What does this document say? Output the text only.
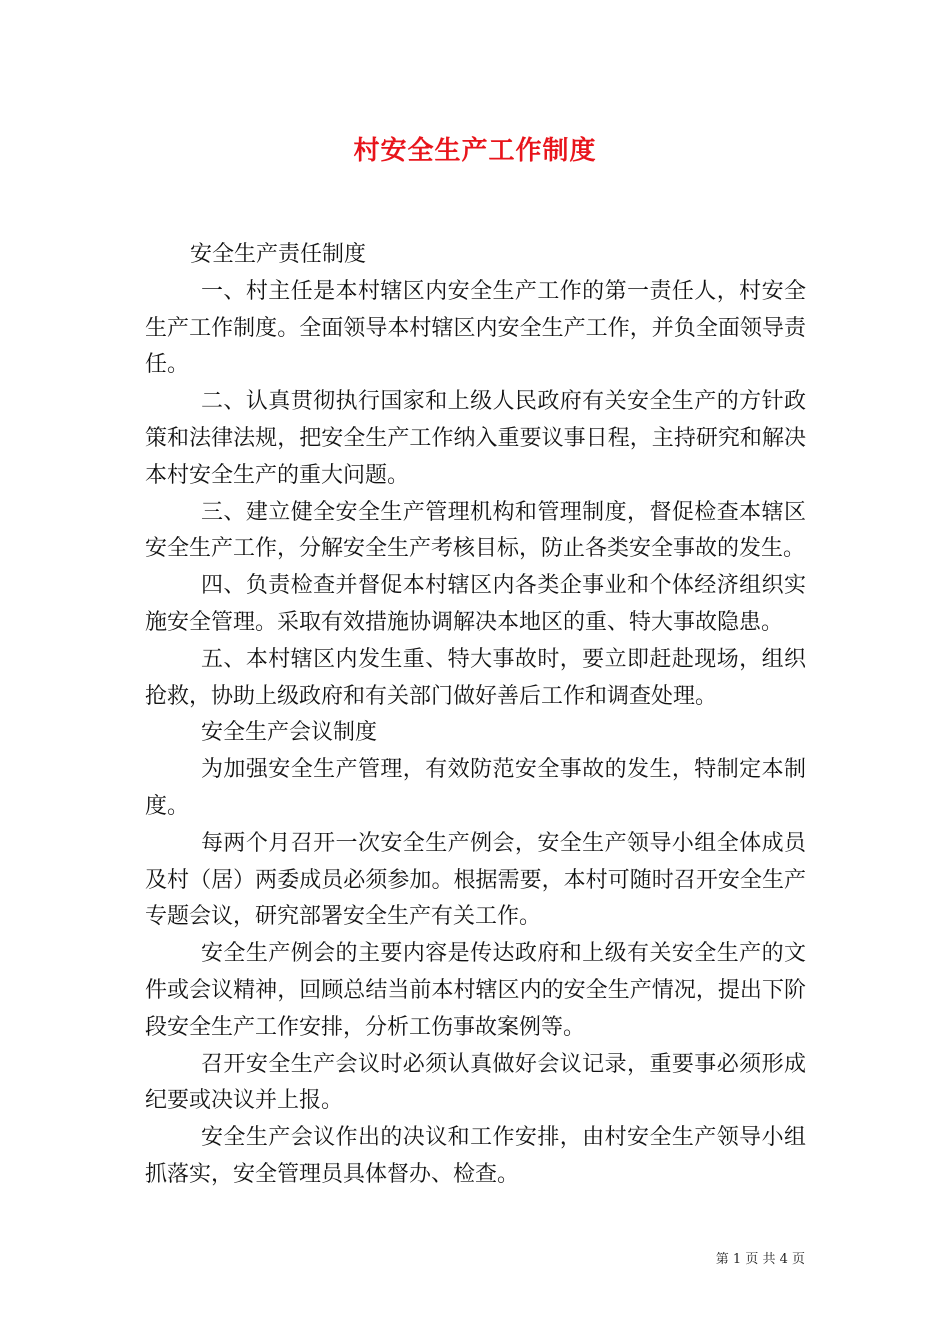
村安全生产工作制度

安全生产责任制度

一、村主任是本村辖区内安全生产工作的第一责任人，村安全生产工作制度。全面领导本村辖区内安全生产工作，并负全面领导责任。

二、认真贯彻执行国家和上级人民政府有关安全生产的方针政策和法律法规，把安全生产工作纳入重要议事日程，主持研究和解决本村安全生产的重大问题。

三、建立健全安全生产管理机构和管理制度，督促检查本辖区安全生产工作，分解安全生产考核目标，防止各类安全事故的发生。

四、负责检查并督促本村辖区内各类企事业和个体经济组织实施安全管理。采取有效措施协调解决本地区的重、特大事故隐患。

五、本村辖区内发生重、特大事故时，要立即赶赴现场，组织抢救，协助上级政府和有关部门做好善后工作和调查处理。

安全生产会议制度

为加强安全生产管理，有效防范安全事故的发生，特制定本制度。

每两个月召开一次安全生产例会，安全生产领导小组全体成员及村（居）两委成员必须参加。根据需要，本村可随时召开安全生产专题会议，研究部署安全生产有关工作。

安全生产例会的主要内容是传达政府和上级有关安全生产的文件或会议精神，回顾总结当前本村辖区内的安全生产情况，提出下阶段安全生产工作安排，分析工伤事故案例等。

召开安全生产会议时必须认真做好会议记录，重要事必须形成纪要或决议并上报。

安全生产会议作出的决议和工作安排，由村安全生产领导小组抓落实，安全管理员具体督办、检查。

第 1 页 共 4 页
